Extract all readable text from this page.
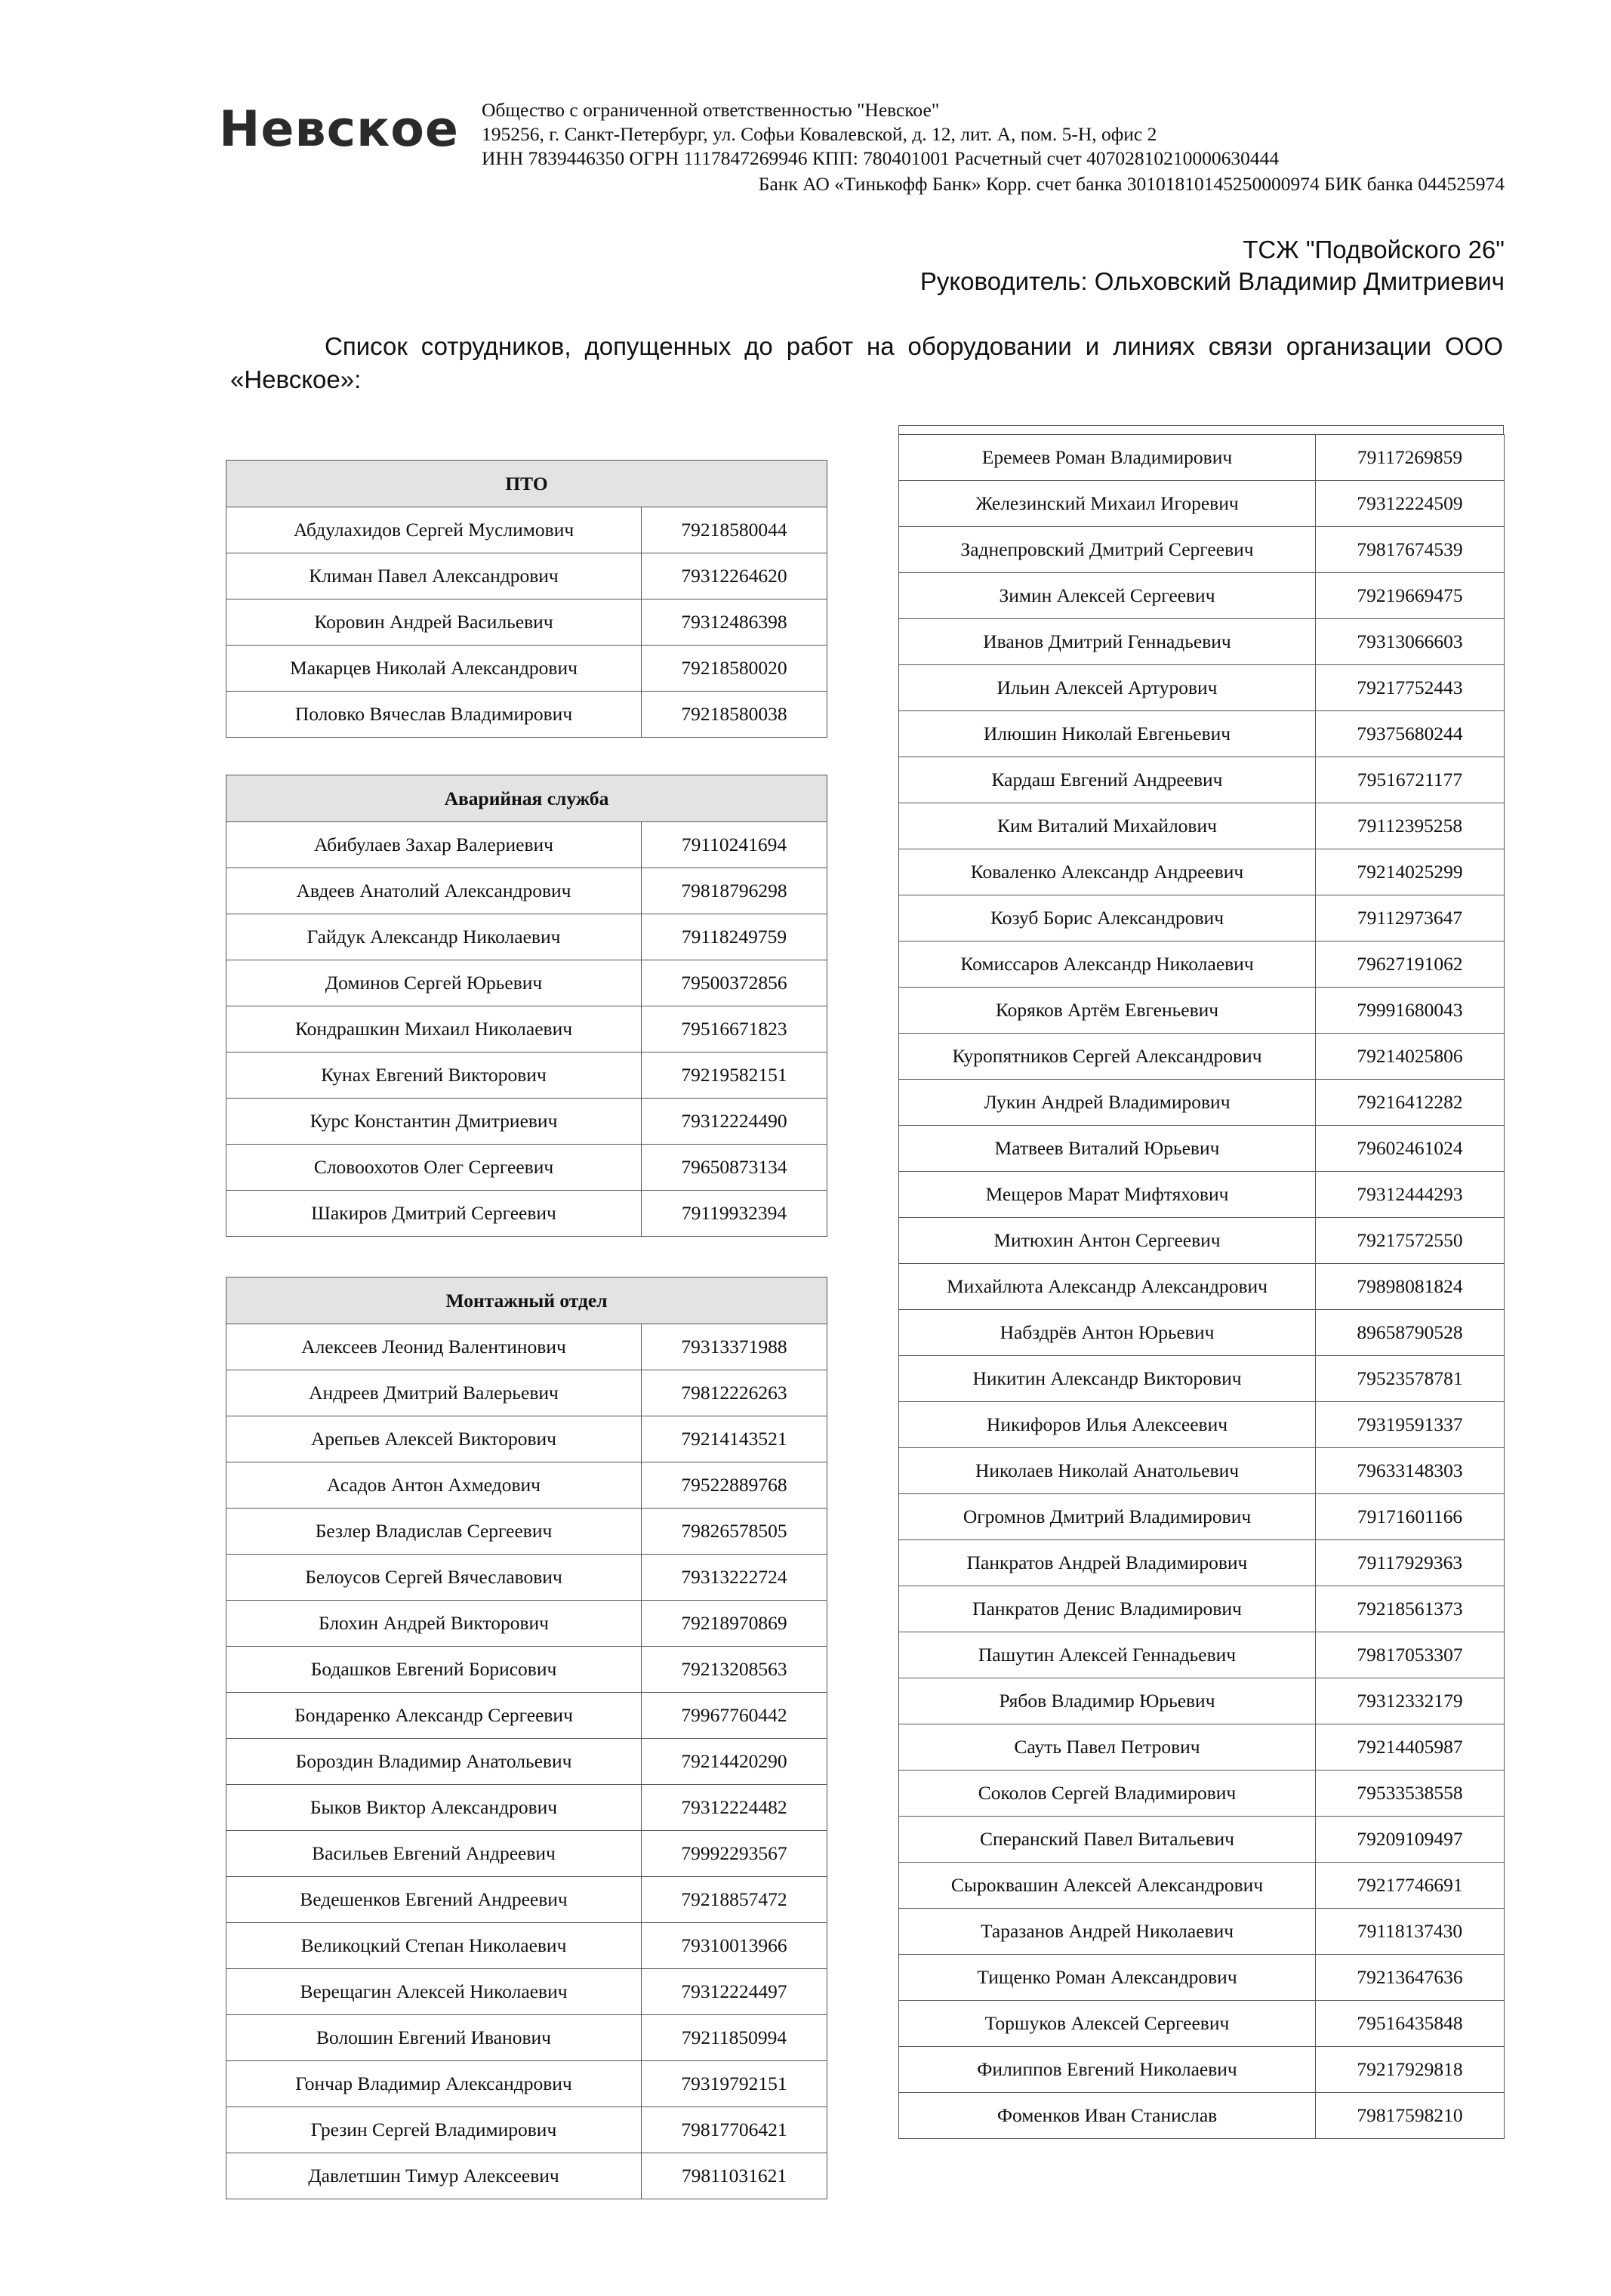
Невское Общество с ограниченной ответственностью "Невское"
195256, г. Санкт-Петербург, ул. Софьи Ковалевской, д. 12, лит. А, пом. 5-Н, офис 2
ИНН 7839446350 ОГРН 1117847269946 КПП: 780401001 Расчетный счет 40702810210000630444
Банк АО «Тинькофф Банк» Корр. счет банка 30101810145250000974 БИК банка 044525974
ТСЖ "Подвойского 26"
Руководитель: Ольховский Владимир Дмитриевич
Список сотрудников, допущенных до работ на оборудовании и линиях связи организации ООО «Невское»:
ПТО	
Абдулахидов Сергей Муслимович	79218580044
Климан Павел Александрович	79312264620
Коровин Андрей Васильевич	79312486398
Макарцев Николай Александрович	79218580020
Половко Вячеслав Владимирович	79218580038
Аварийная служба	
Абибулаев Захар Валериевич	79110241694
Авдеев Анатолий Александрович	79818796298
Гайдук Александр Николаевич	79118249759
Доминов Сергей Юрьевич	79500372856
Кондрашкин Михаил Николаевич	79516671823
Кунах Евгений Викторович	79219582151
Курс Константин Дмитриевич	79312224490
Словоохотов Олег Сергеевич	79650873134
Шакиров Дмитрий Сергеевич	79119932394
Монтажный отдел	
Алексеев Леонид Валентинович	79313371988
Андреев Дмитрий Валерьевич	79812226263
Арепьев Алексей Викторович	79214143521
Асадов Антон Ахмедович	79522889768
Безлер Владислав Сергеевич	79826578505
Белоусов Сергей Вячеславович	79313222724
Блохин Андрей Викторович	79218970869
Бодашков Евгений Борисович	79213208563
Бондаренко Александр Сергеевич	79967760442
Бороздин Владимир Анатольевич	79214420290
Быков Виктор Александрович	79312224482
Васильев Евгений Андреевич	79992293567
Ведешенков Евгений Андреевич	79218857472
Великоцкий Степан Николаевич	79310013966
Верещагин Алексей Николаевич	79312224497
Волошин Евгений Иванович	79211850994
Гончар Владимир Александрович	79319792151
Грезин Сергей Владимирович	79817706421
Давлетшин Тимур Алексеевич	79811031621
Еремеев Роман Владимирович	79117269859
Железинский Михаил Игоревич	79312224509
Заднепровский Дмитрий Сергеевич	79817674539
Зимин Алексей Сергеевич	79219669475
Иванов Дмитрий Геннадьевич	79313066603
Ильин Алексей Артурович	79217752443
Илюшин Николай Евгеньевич	79375680244
Кардаш Евгений Андреевич	79516721177
Ким Виталий Михайлович	79112395258
Коваленко Александр Андреевич	79214025299
Козуб Борис Александрович	79112973647
Комиссаров Александр Николаевич	79627191062
Коряков Артём Евгеньевич	79991680043
Куропятников Сергей Александрович	79214025806
Лукин Андрей Владимирович	79216412282
Матвеев Виталий Юрьевич	79602461024
Мещеров Марат Мифтяхович	79312444293
Митюхин Антон Сергеевич	79217572550
Михайлюта Александр Александрович	79898081824
Набздрёв Антон Юрьевич	89658790528
Никитин Александр Викторович	79523578781
Никифоров Илья Алексеевич	79319591337
Николаев Николай Анатольевич	79633148303
Огромнов Дмитрий Владимирович	79171601166
Панкратов Андрей Владимирович	79117929363
Панкратов Денис Владимирович	79218561373
Пашутин Алексей Геннадьевич	79817053307
Рябов Владимир Юрьевич	79312332179
Сауть Павел Петрович	79214405987
Соколов Сергей Владимирович	79533538558
Сперанский Павел Витальевич	79209109497
Сыроквашин Алексей Александрович	79217746691
Таразанов Андрей Николаевич	79118137430
Тищенко Роман Александрович	79213647636
Торшуков Алексей Сергеевич	79516435848
Филиппов Евгений Николаевич	79217929818
Фоменков Иван Станислав	79817598210
